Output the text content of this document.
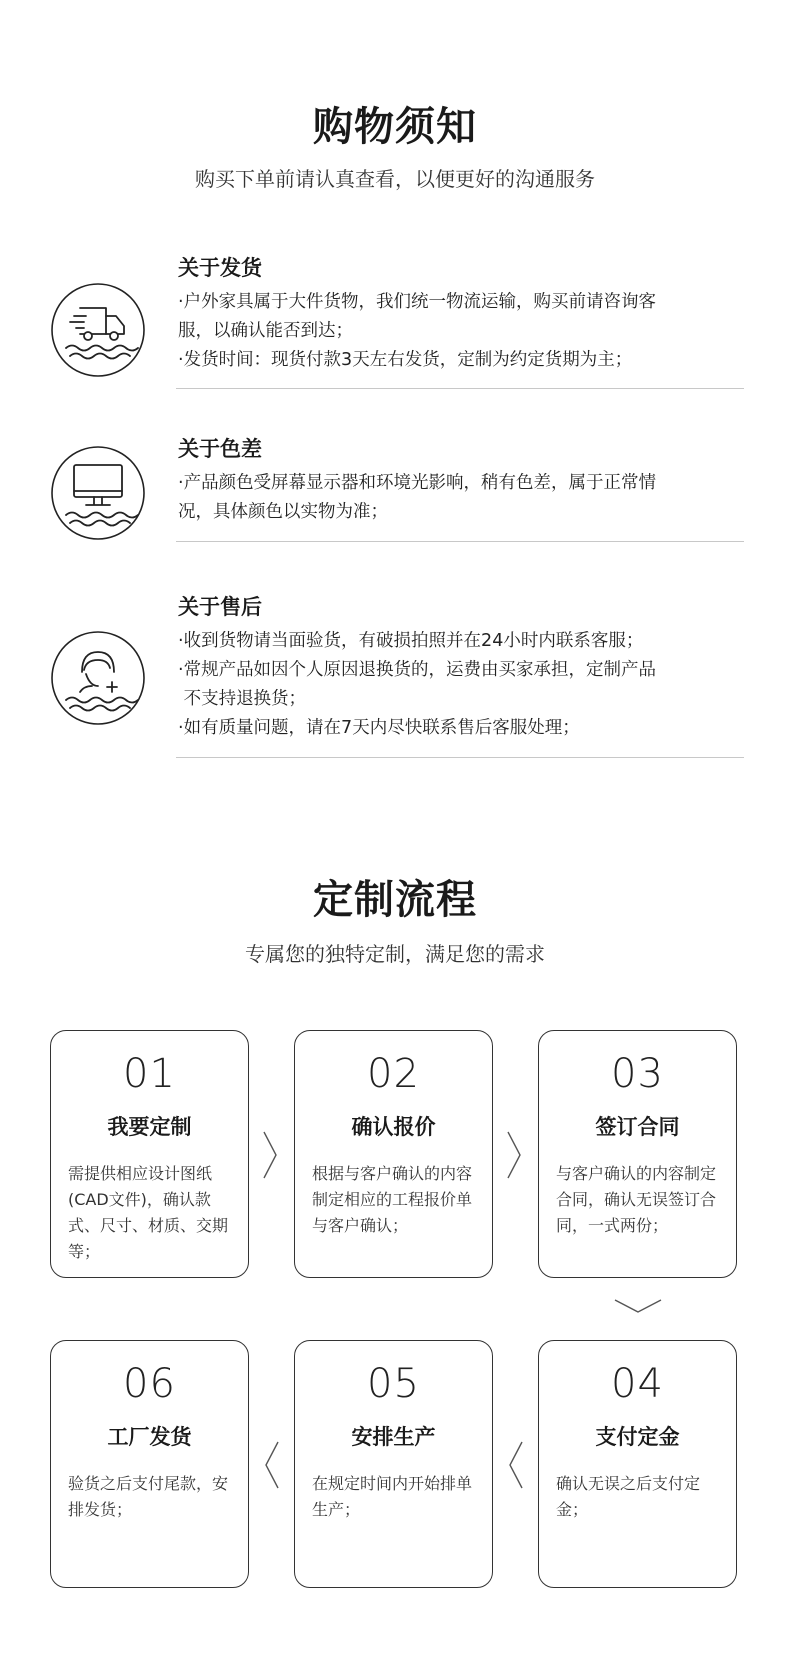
购物须知
购买下单前请认真查看，以便更好的沟通服务
关于发货
·户外家具属于大件货物，我们统一物流运输，购买前请咨询客
服，以确认能否到达；
·发货时间：现货付款3天左右发货，定制为约定货期为主；
关于色差
·产品颜色受屏幕显示器和环境光影响，稍有色差，属于正常情
况，具体颜色以实物为准；
关于售后
·收到货物请当面验货，有破损拍照并在24小时内联系客服；
·常规产品如因个人原因退换货的，运费由买家承担，定制产品
不支持退换货；
·如有质量问题，请在7天内尽快联系售后客服处理；
定制流程
专属您的独特定制，满足您的需求
01
我要定制
需提供相应设计图纸(CAD文件)，确认款式、尺寸、材质、交期等；
02
确认报价
根据与客户确认的内容制定相应的工程报价单与客户确认；
03
签订合同
与客户确认的内容制定合同，确认无误签订合同，一式两份；
06
工厂发货
验货之后支付尾款，安排发货；
05
安排生产
在规定时间内开始排单生产；
04
支付定金
确认无误之后支付定金；
